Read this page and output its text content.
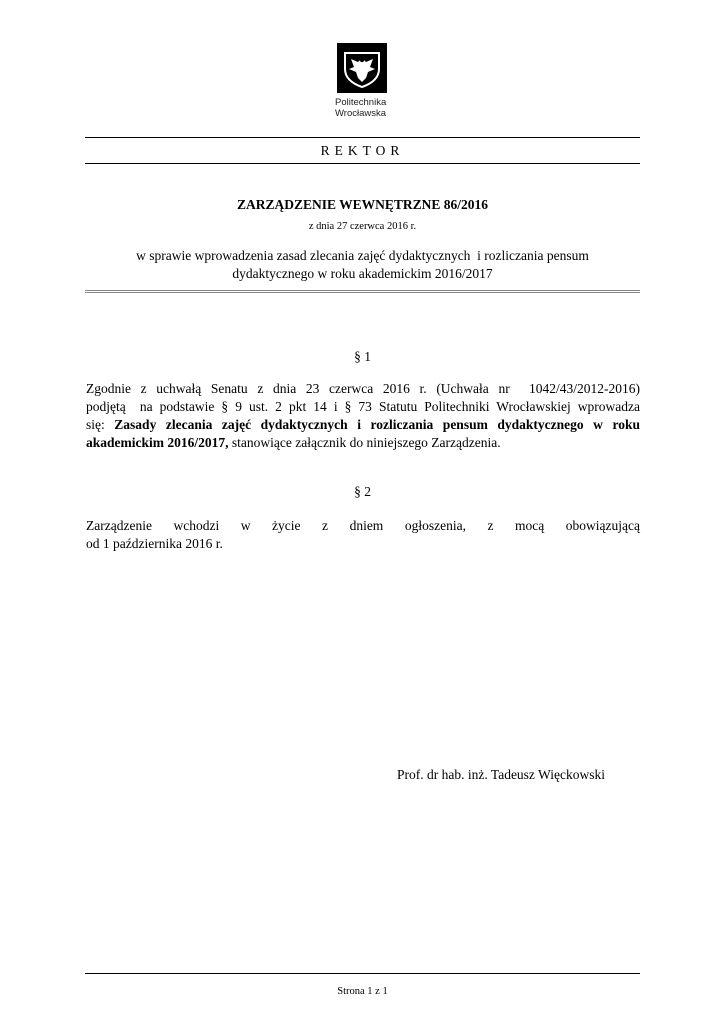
Politechnika
Wrocławska
REKTOR
ZARZĄDZENIE WEWNĘTRZNE 86/2016
z dnia 27 czerwca 2016 r.
w sprawie wprowadzenia zasad zlecania zajęć dydaktycznych  i rozliczania pensum
dydaktycznego w roku akademickim 2016/2017
§ 1
Zgodnie z uchwałą Senatu z dnia 23 czerwca 2016 r. (Uchwała nr  1042/43/2012-2016)
podjętą  na podstawie § 9 ust. 2 pkt 14 i § 73 Statutu Politechniki Wrocławskiej wprowadza
się: Zasady zlecania zajęć dydaktycznych i rozliczania pensum dydaktycznego w roku
akademickim 2016/2017, stanowiące załącznik do niniejszego Zarządzenia.
§ 2
Zarządzenie wchodzi w życie z dniem ogłoszenia, z mocą obowiązującą
od 1 października 2016 r.
Prof. dr hab. inż. Tadeusz Więckowski
Strona 1 z 1
